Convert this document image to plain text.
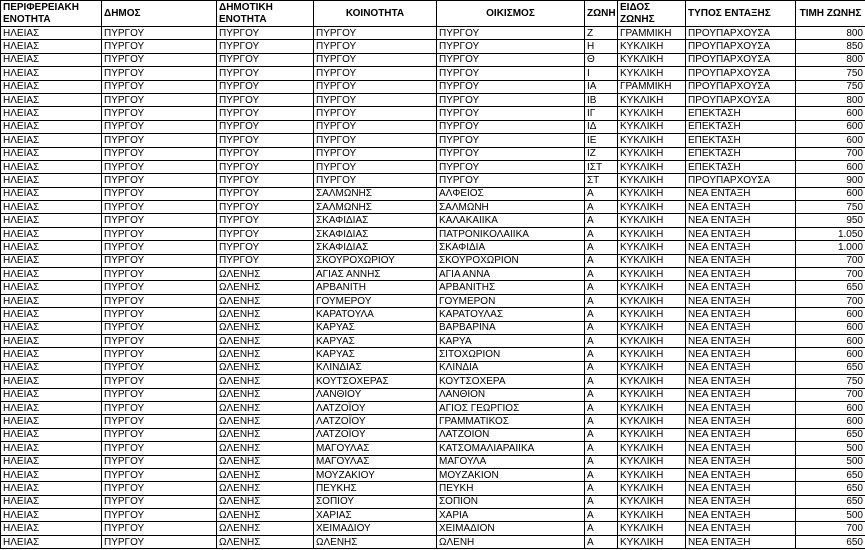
ΠΕΡΙΦΕΡΕΙΑΚΗ ΕΝΟΤΗΤΑ	ΔΗΜΟΣ	ΔΗΜΟΤΙΚΗ ΕΝΟΤΗΤΑ	ΚΟΙΝΟΤΗΤΑ	ΟΙΚΙΣΜΟΣ	ΖΩΝΗ	ΕΙΔΟΣ ΖΩΝΗΣ	ΤΥΠΟΣ ΕΝΤΑΞΗΣ	ΤΙΜΗ ΖΩΝΗΣ
ΗΛΕΙΑΣ	ΠΥΡΓΟΥ	ΠΥΡΓΟΥ	ΠΥΡΓΟΥ	ΠΥΡΓΟΥ	Ζ	ΓΡΑΜΜΙΚΗ	ΠΡΟΥΠΑΡΧΟΥΣΑ	800
ΗΛΕΙΑΣ	ΠΥΡΓΟΥ	ΠΥΡΓΟΥ	ΠΥΡΓΟΥ	ΠΥΡΓΟΥ	Η	ΚΥΚΛΙΚΗ	ΠΡΟΥΠΑΡΧΟΥΣΑ	850
ΗΛΕΙΑΣ	ΠΥΡΓΟΥ	ΠΥΡΓΟΥ	ΠΥΡΓΟΥ	ΠΥΡΓΟΥ	Θ	ΚΥΚΛΙΚΗ	ΠΡΟΥΠΑΡΧΟΥΣΑ	800
ΗΛΕΙΑΣ	ΠΥΡΓΟΥ	ΠΥΡΓΟΥ	ΠΥΡΓΟΥ	ΠΥΡΓΟΥ	Ι	ΚΥΚΛΙΚΗ	ΠΡΟΥΠΑΡΧΟΥΣΑ	750
ΗΛΕΙΑΣ	ΠΥΡΓΟΥ	ΠΥΡΓΟΥ	ΠΥΡΓΟΥ	ΠΥΡΓΟΥ	ΙΑ	ΓΡΑΜΜΙΚΗ	ΠΡΟΥΠΑΡΧΟΥΣΑ	750
ΗΛΕΙΑΣ	ΠΥΡΓΟΥ	ΠΥΡΓΟΥ	ΠΥΡΓΟΥ	ΠΥΡΓΟΥ	ΙΒ	ΚΥΚΛΙΚΗ	ΠΡΟΥΠΑΡΧΟΥΣΑ	800
ΗΛΕΙΑΣ	ΠΥΡΓΟΥ	ΠΥΡΓΟΥ	ΠΥΡΓΟΥ	ΠΥΡΓΟΥ	ΙΓ	ΚΥΚΛΙΚΗ	ΕΠΕΚΤΑΣΗ	600
ΗΛΕΙΑΣ	ΠΥΡΓΟΥ	ΠΥΡΓΟΥ	ΠΥΡΓΟΥ	ΠΥΡΓΟΥ	ΙΔ	ΚΥΚΛΙΚΗ	ΕΠΕΚΤΑΣΗ	600
ΗΛΕΙΑΣ	ΠΥΡΓΟΥ	ΠΥΡΓΟΥ	ΠΥΡΓΟΥ	ΠΥΡΓΟΥ	ΙΕ	ΚΥΚΛΙΚΗ	ΕΠΕΚΤΑΣΗ	600
ΗΛΕΙΑΣ	ΠΥΡΓΟΥ	ΠΥΡΓΟΥ	ΠΥΡΓΟΥ	ΠΥΡΓΟΥ	ΙΖ	ΚΥΚΛΙΚΗ	ΕΠΕΚΤΑΣΗ	700
ΗΛΕΙΑΣ	ΠΥΡΓΟΥ	ΠΥΡΓΟΥ	ΠΥΡΓΟΥ	ΠΥΡΓΟΥ	ΙΣΤ	ΚΥΚΛΙΚΗ	ΕΠΕΚΤΑΣΗ	600
ΗΛΕΙΑΣ	ΠΥΡΓΟΥ	ΠΥΡΓΟΥ	ΠΥΡΓΟΥ	ΠΥΡΓΟΥ	ΣΤ	ΚΥΚΛΙΚΗ	ΠΡΟΥΠΑΡΧΟΥΣΑ	900
ΗΛΕΙΑΣ	ΠΥΡΓΟΥ	ΠΥΡΓΟΥ	ΣΑΛΜΩΝΗΣ	ΑΛΦΕΙΟΣ	Α	ΚΥΚΛΙΚΗ	ΝΕΑ ΕΝΤΑΞΗ	600
ΗΛΕΙΑΣ	ΠΥΡΓΟΥ	ΠΥΡΓΟΥ	ΣΑΛΜΩΝΗΣ	ΣΑΛΜΩΝΗ	Α	ΚΥΚΛΙΚΗ	ΝΕΑ ΕΝΤΑΞΗ	750
ΗΛΕΙΑΣ	ΠΥΡΓΟΥ	ΠΥΡΓΟΥ	ΣΚΑΦΙΔΙΑΣ	ΚΑΛΑΚΑΙΙΚΑ	Α	ΚΥΚΛΙΚΗ	ΝΕΑ ΕΝΤΑΞΗ	950
ΗΛΕΙΑΣ	ΠΥΡΓΟΥ	ΠΥΡΓΟΥ	ΣΚΑΦΙΔΙΑΣ	ΠΑΤΡΟΝΙΚΟΛΑΙΙΚΑ	Α	ΚΥΚΛΙΚΗ	ΝΕΑ ΕΝΤΑΞΗ	1.050
ΗΛΕΙΑΣ	ΠΥΡΓΟΥ	ΠΥΡΓΟΥ	ΣΚΑΦΙΔΙΑΣ	ΣΚΑΦΙΔΙΑ	Α	ΚΥΚΛΙΚΗ	ΝΕΑ ΕΝΤΑΞΗ	1.000
ΗΛΕΙΑΣ	ΠΥΡΓΟΥ	ΠΥΡΓΟΥ	ΣΚΟΥΡΟΧΩΡΙΟΥ	ΣΚΟΥΡΟΧΩΡΙΟΝ	Α	ΚΥΚΛΙΚΗ	ΝΕΑ ΕΝΤΑΞΗ	700
ΗΛΕΙΑΣ	ΠΥΡΓΟΥ	ΩΛΕΝΗΣ	ΑΓΙΑΣ ΑΝΝΗΣ	ΑΓΙΑ ΑΝΝΑ	Α	ΚΥΚΛΙΚΗ	ΝΕΑ ΕΝΤΑΞΗ	700
ΗΛΕΙΑΣ	ΠΥΡΓΟΥ	ΩΛΕΝΗΣ	ΑΡΒΑΝΙΤΗ	ΑΡΒΑΝΙΤΗΣ	Α	ΚΥΚΛΙΚΗ	ΝΕΑ ΕΝΤΑΞΗ	650
ΗΛΕΙΑΣ	ΠΥΡΓΟΥ	ΩΛΕΝΗΣ	ΓΟΥΜΕΡΟΥ	ΓΟΥΜΕΡΟΝ	Α	ΚΥΚΛΙΚΗ	ΝΕΑ ΕΝΤΑΞΗ	700
ΗΛΕΙΑΣ	ΠΥΡΓΟΥ	ΩΛΕΝΗΣ	ΚΑΡΑΤΟΥΛΑ	ΚΑΡΑΤΟΥΛΑΣ	Α	ΚΥΚΛΙΚΗ	ΝΕΑ ΕΝΤΑΞΗ	600
ΗΛΕΙΑΣ	ΠΥΡΓΟΥ	ΩΛΕΝΗΣ	ΚΑΡΥΑΣ	ΒΑΡΒΑΡΙΝΑ	Α	ΚΥΚΛΙΚΗ	ΝΕΑ ΕΝΤΑΞΗ	600
ΗΛΕΙΑΣ	ΠΥΡΓΟΥ	ΩΛΕΝΗΣ	ΚΑΡΥΑΣ	ΚΑΡΥΑ	Α	ΚΥΚΛΙΚΗ	ΝΕΑ ΕΝΤΑΞΗ	600
ΗΛΕΙΑΣ	ΠΥΡΓΟΥ	ΩΛΕΝΗΣ	ΚΑΡΥΑΣ	ΣΙΤΟΧΩΡΙΟΝ	Α	ΚΥΚΛΙΚΗ	ΝΕΑ ΕΝΤΑΞΗ	600
ΗΛΕΙΑΣ	ΠΥΡΓΟΥ	ΩΛΕΝΗΣ	ΚΛΙΝΔΙΑΣ	ΚΛΙΝΔΙΑ	Α	ΚΥΚΛΙΚΗ	ΝΕΑ ΕΝΤΑΞΗ	650
ΗΛΕΙΑΣ	ΠΥΡΓΟΥ	ΩΛΕΝΗΣ	ΚΟΥΤΣΟΧΕΡΑΣ	ΚΟΥΤΣΟΧΕΡΑ	Α	ΚΥΚΛΙΚΗ	ΝΕΑ ΕΝΤΑΞΗ	750
ΗΛΕΙΑΣ	ΠΥΡΓΟΥ	ΩΛΕΝΗΣ	ΛΑΝΘΙΟΥ	ΛΑΝΘΙΟΝ	Α	ΚΥΚΛΙΚΗ	ΝΕΑ ΕΝΤΑΞΗ	700
ΗΛΕΙΑΣ	ΠΥΡΓΟΥ	ΩΛΕΝΗΣ	ΛΑΤΖΟΪΟΥ	ΑΓΙΟΣ ΓΕΩΡΓΙΟΣ	Α	ΚΥΚΛΙΚΗ	ΝΕΑ ΕΝΤΑΞΗ	600
ΗΛΕΙΑΣ	ΠΥΡΓΟΥ	ΩΛΕΝΗΣ	ΛΑΤΖΟΪΟΥ	ΓΡΑΜΜΑΤΙΚΟΣ	Α	ΚΥΚΛΙΚΗ	ΝΕΑ ΕΝΤΑΞΗ	600
ΗΛΕΙΑΣ	ΠΥΡΓΟΥ	ΩΛΕΝΗΣ	ΛΑΤΖΟΪΟΥ	ΛΑΤΖΟΙΟΝ	Α	ΚΥΚΛΙΚΗ	ΝΕΑ ΕΝΤΑΞΗ	650
ΗΛΕΙΑΣ	ΠΥΡΓΟΥ	ΩΛΕΝΗΣ	ΜΑΓΟΥΛΑΣ	ΚΑΤΣΟΜΑΛΙΑΡΑΙΙΚΑ	Α	ΚΥΚΛΙΚΗ	ΝΕΑ ΕΝΤΑΞΗ	500
ΗΛΕΙΑΣ	ΠΥΡΓΟΥ	ΩΛΕΝΗΣ	ΜΑΓΟΥΛΑΣ	ΜΑΓΟΥΛΑ	Α	ΚΥΚΛΙΚΗ	ΝΕΑ ΕΝΤΑΞΗ	500
ΗΛΕΙΑΣ	ΠΥΡΓΟΥ	ΩΛΕΝΗΣ	ΜΟΥΖΑΚΙΟΥ	ΜΟΥΖΑΚΙΟΝ	Α	ΚΥΚΛΙΚΗ	ΝΕΑ ΕΝΤΑΞΗ	650
ΗΛΕΙΑΣ	ΠΥΡΓΟΥ	ΩΛΕΝΗΣ	ΠΕΥΚΗΣ	ΠΕΥΚΗ	Α	ΚΥΚΛΙΚΗ	ΝΕΑ ΕΝΤΑΞΗ	650
ΗΛΕΙΑΣ	ΠΥΡΓΟΥ	ΩΛΕΝΗΣ	ΣΟΠΙΟΥ	ΣΟΠΙΟΝ	Α	ΚΥΚΛΙΚΗ	ΝΕΑ ΕΝΤΑΞΗ	650
ΗΛΕΙΑΣ	ΠΥΡΓΟΥ	ΩΛΕΝΗΣ	ΧΑΡΙΑΣ	ΧΑΡΙΑ	Α	ΚΥΚΛΙΚΗ	ΝΕΑ ΕΝΤΑΞΗ	500
ΗΛΕΙΑΣ	ΠΥΡΓΟΥ	ΩΛΕΝΗΣ	ΧΕΙΜΑΔΙΟΥ	ΧΕΙΜΑΔΙΟΝ	Α	ΚΥΚΛΙΚΗ	ΝΕΑ ΕΝΤΑΞΗ	700
ΗΛΕΙΑΣ	ΠΥΡΓΟΥ	ΩΛΕΝΗΣ	ΩΛΕΝΗΣ	ΩΛΕΝΗ	Α	ΚΥΚΛΙΚΗ	ΝΕΑ ΕΝΤΑΞΗ	650
